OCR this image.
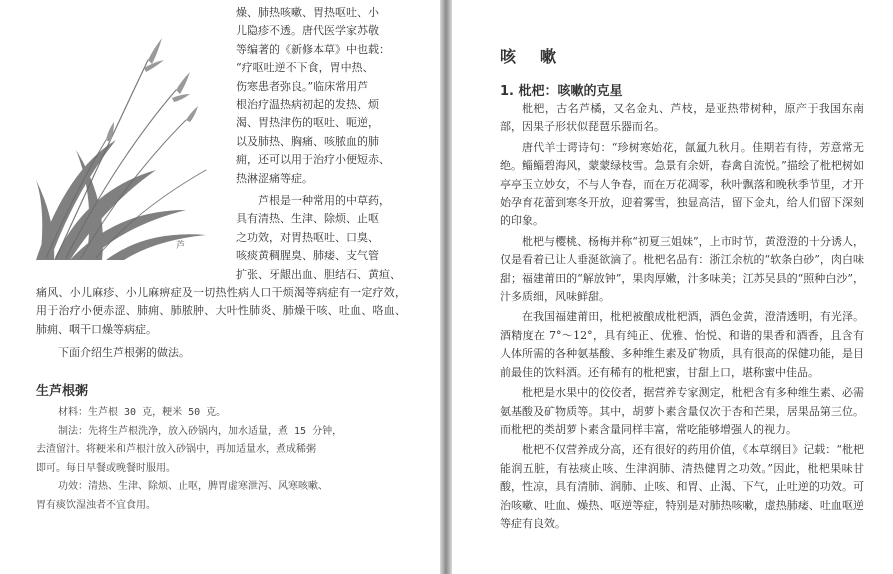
芦
燥、肺热咳嗽、胃热呕吐、小
儿隐疹不透。唐代医学家苏敬
等编著的《新修本草》中也载：
“疗呕吐逆不下食，胃中热、
伤寒患者弥良。”临床常用芦
根治疗温热病初起的发热、烦
渴、胃热津伤的呕吐、呃逆，
以及肺热、胸痛、咳脓血的肺
痈，还可以用于治疗小便短赤、
热淋涩痛等症。
芦根是一种常用的中草药，
具有清热、生津、除烦、止呕
之功效，对胃热呕吐、口臭、
咳痰黄稠腥臭、肺痿、支气管
扩张、牙龈出血、胆结石、黄疸、

痛风、小儿麻疹、小儿麻痹症及一切热性病人口干烦渴等病症有一定疗效，用于治疗小便赤涩、肺痈、肺脓肿、大叶性肺炎、肺燥干咳、吐血、咯血、肺痈、咽干口燥等病症。

下面介绍生芦根粥的做法。

生芦根粥
材料：生芦根 30 克，粳米 50 克。
制法：先将生芦根洗净，放入砂锅内，加水适量，煮 15 分钟，
去渣留汁。将粳米和芦根汁放入砂锅中，再加适量水，煮成稀粥
即可。每日早餐或晚餐时服用。
功效：清热、生津、除烦、止呕，脾胃虚寒泄泻、风寒咳嗽、
胃有痰饮湿浊者不宜食用。
咳　嗽
1. 枇杷：咳嗽的克星

枇杷，古名芦橘，又名金丸、芦枝，是亚热带树种，原产于我国东南部，因果子形状似琵琶乐器而名。

唐代羊士谔诗句：“珍树寒始花，氤氲九秋月。佳期若有待，芳意常无绝。鲻鲻碧海风，蒙蒙绿枝雪。急景有余妍，春禽自流悦。”描绘了枇杷树如亭亭玉立妙女，不与人争春，而在万花凋零，秋叶飘落和晚秋季节里，才开始孕育花蕾到寒冬开放，迎着雾雪，独显高洁，留下金丸，给人们留下深刻的印象。

枇杷与樱桃、杨梅并称“初夏三姐妹”，上市时节，黄澄澄的十分诱人，仅是看着已让人垂涎欲滴了。枇杷名品有：浙江余杭的“软条白砂”，肉白味甜；福建莆田的“解放钟”，果肉厚嫩，汁多味美；江苏吴县的“照种白沙”，汁多质细，风味鲜甜。

在我国福建莆田，枇杷被酿成枇杷酒，酒色金黄，澄清透明，有光泽。酒精度在 7°～12°，具有纯正、优雅、怡悦、和谐的果香和酒香，且含有人体所需的各种氨基酸、多种维生素及矿物质，具有很高的保健功能，是目前最佳的饮料酒。还有稀有的枇杷蜜，甘甜上口，堪称蜜中佳品。

枇杷是水果中的佼佼者，据营养专家测定，枇杷含有多种维生素、必需氨基酸及矿物质等。其中，胡萝卜素含量仅次于杏和芒果，居果品第三位。而枇杷的类胡萝卜素含量同样丰富，常吃能够增强人的视力。

枇杷不仅营养成分高，还有很好的药用价值，《本草纲目》记载：“枇杷能润五脏，有祛痰止咳、生津润肺、清热健胃之功效。”因此，枇杷果味甘酸，性凉，具有清肺、润肺、止咳、和胃、止渴、下气，止吐逆的功效。可治咳嗽、吐血、燥热、呕逆等症，特别是对肺热咳嗽，虚热肺痿、吐血呕逆等症有良效。
